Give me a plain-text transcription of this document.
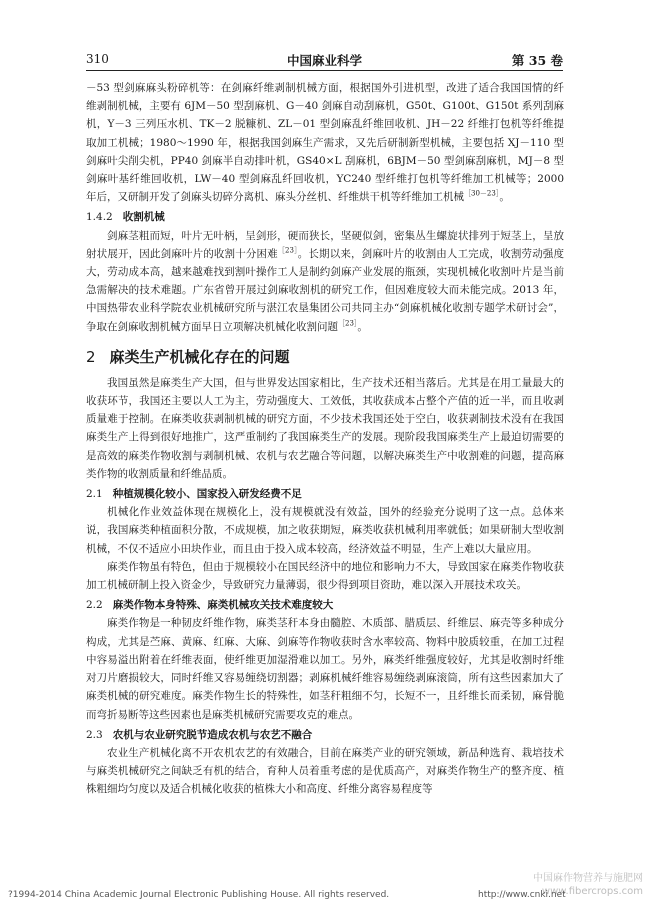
310	中国麻业科学	第 35 卷

－53 型剑麻麻头粉碎机等：在剑麻纤维剥制机械方面，根据国外引进机型，改进了适合我国国情的纤维剥制机械，主要有 6JM－50 型刮麻机、G－40 剑麻自动刮麻机，G50t、G100t、G150t 系列刮麻机，Y－3 三列压水机、TK－2 脱糠机、ZL－01 型剑麻乱纤维回收机、JH－22 纤维打包机等纤维提取加工机械；1980～1990 年，根据我国剑麻生产需求，又先后研制新型机械，主要包括 XJ－110 型剑麻叶尖削尖机，PP40 剑麻半自动排叶机，GS40×L 刮麻机，6BJM－50 型剑麻刮麻机，MJ－8 型剑麻叶基纤维回收机，LW－40 型剑麻乱纤回收机，YC240 型纤维打包机等纤维加工机械等；2000 年后，又研制开发了剑麻头切碎分离机、麻头分丝机、纤维烘干机等纤维加工机械$^{[30-23]}$。

1.4.2 收割机械

剑麻茎粗而短，叶片无叶柄，呈剑形，硬而狭长，坚硬似剑，密集丛生螺旋状排列于短茎上，呈放射状展开，因此剑麻叶片的收割十分困难$^{[23]}$。长期以来，剑麻叶片的收割由人工完成，收割劳动强度大，劳动成本高，越来越难找到割叶操作工人是制约剑麻产业发展的瓶颈，实现机械化收割叶片是当前急需解决的技术难题。广东省曾开展过剑麻收割机的研究工作，但因难度较大而未能完成。2013 年，中国热带农业科学院农业机械研究所与湛江农垦集团公司共同主办“剑麻机械化收割专题学术研讨会”，争取在剑麻收割机械方面早日立项解决机械化收割问题$^{[23]}$。

2 麻类生产机械化存在的问题

我国虽然是麻类生产大国，但与世界发达国家相比，生产技术还相当落后。尤其是在用工量最大的收获环节，我国还主要以人工为主，劳动强度大、工效低，其收获成本占整个产值的近一半，而且收剥质量难于控制。在麻类收获剥制机械的研究方面，不少技术我国还处于空白，收获剥制技术没有在我国麻类生产上得到很好地推广，这严重制约了我国麻类生产的发展。现阶段我国麻类生产上最迫切需要的是高效的麻类作物收割与剥制机械、农机与农艺融合等问题，以解决麻类生产中收割难的问题，提高麻类作物的收割质量和纤维品质。

2.1 种植规模化较小、国家投入研发经费不足

机械化作业效益体现在规模化上，没有规模就没有效益，国外的经验充分说明了这一点。总体来说，我国麻类种植面积分散，不成规模，加之收获期短，麻类收获机械利用率就低；如果研制大型收割机械，不仅不适应小田块作业，而且由于投入成本较高，经济效益不明显，生产上难以大量应用。

麻类作物虽有特色，但由于规模较小在国民经济中的地位和影响力不大，导致国家在麻类作物收获加工机械研制上投入资金少，导致研究力量薄弱，很少得到项目资助，难以深入开展技术攻关。

2.2 麻类作物本身特殊、麻类机械攻关技术难度较大

麻类作物是一种韧皮纤维作物，麻类茎秆本身由髓腔、木质部、腊质层、纤维层、麻壳等多种成分构成，尤其是苎麻、黄麻、红麻、大麻、剑麻等作物收获时含水率较高、物料中胶质较重，在加工过程中容易溢出附着在纤维表面，使纤维更加湿滑难以加工。另外，麻类纤维强度较好，尤其是收割时纤维对刀片磨损较大，同时纤维又容易缠绕切割器；剥麻机械纤维容易缠绕剥麻滚筒，所有这些因素加大了麻类机械的研究难度。麻类作物生长的特殊性，如茎秆粗细不匀，长短不一，且纤维长而柔韧，麻骨脆而弯折易断等这些因素也是麻类机械研究需要攻克的难点。

2.3 农机与农业研究脱节造成农机与农艺不融合

农业生产机械化离不开农机农艺的有效融合，目前在麻类产业的研究领域，新品种选育、栽培技术与麻类机械研究之间缺乏有机的结合，育种人员着重考虑的是优质高产，对麻类作物生产的整齐度、植株粗细均匀度以及适合机械化收获的植株大小和高度、纤维分离容易程度等

中国麻作物营养与施肥网
www.fibercrops.com
?1994-2014 China Academic Journal Electronic Publishing House. All rights reserved.	http://www.cnki.net
